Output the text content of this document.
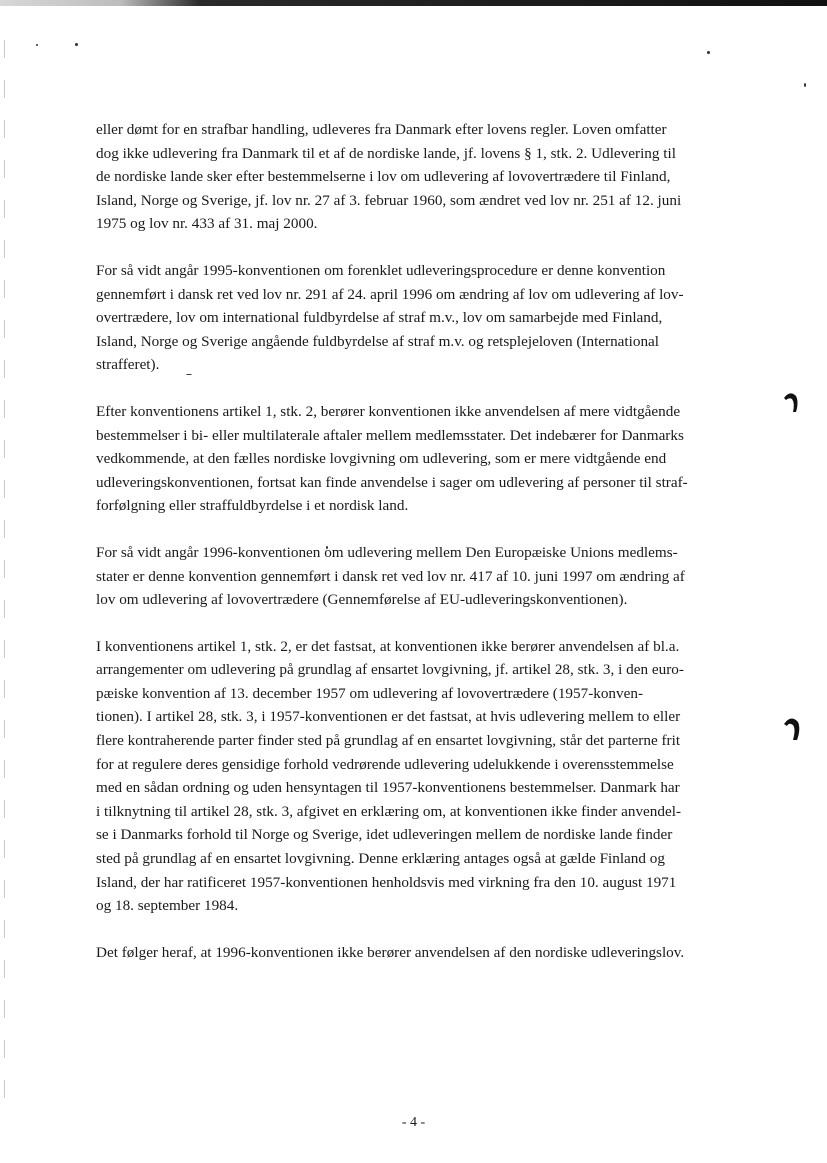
eller dømt for en strafbar handling, udleveres fra Danmark efter lovens regler. Loven omfatter
dog ikke udlevering fra Danmark til et af de nordiske lande, jf. lovens § 1, stk. 2. Udlevering til
de nordiske lande sker efter bestemmelserne i lov om udlevering af lovovertrædere til Finland,
Island, Norge og Sverige, jf. lov nr. 27 af 3. februar 1960, som ændret ved lov nr. 251 af 12. juni
1975 og lov nr. 433 af 31. maj 2000.

For så vidt angår 1995-konventionen om forenklet udleveringsprocedure er denne konvention
gennemført i dansk ret ved lov nr. 291 af 24. april 1996 om ændring af lov om udlevering af lov-
overtrædere, lov om international fuldbyrdelse af straf m.v., lov om samarbejde med Finland,
Island, Norge og Sverige angående fuldbyrdelse af straf m.v. og retsplejeloven (International
strafferet).

Efter konventionens artikel 1, stk. 2, berører konventionen ikke anvendelsen af mere vidtgående
bestemmelser i bi- eller multilaterale aftaler mellem medlemsstater. Det indebærer for Danmarks
vedkommende, at den fælles nordiske lovgivning om udlevering, som er mere vidtgående end
udleveringskonventionen, fortsat kan finde anvendelse i sager om udlevering af personer til straf-
forfølgning eller straffuldbyrdelse i et nordisk land.

For så vidt angår 1996-konventionen om udlevering mellem Den Europæiske Unions medlems-
stater er denne konvention gennemført i dansk ret ved lov nr. 417 af 10. juni 1997 om ændring af
lov om udlevering af lovovertrædere (Gennemførelse af EU-udleveringskonventionen).

I konventionens artikel 1, stk. 2, er det fastsat, at konventionen ikke berører anvendelsen af bl.a.
arrangementer om udlevering på grundlag af ensartet lovgivning, jf. artikel 28, stk. 3, i den euro-
pæiske konvention af 13. december 1957 om udlevering af lovovertrædere (1957-konven-
tionen). I artikel 28, stk. 3, i 1957-konventionen er det fastsat, at hvis udlevering mellem to eller
flere kontraherende parter finder sted på grundlag af en ensartet lovgivning, står det parterne frit
for at regulere deres gensidige forhold vedrørende udlevering udelukkende i overensstemmelse
med en sådan ordning og uden hensyntagen til 1957-konventionens bestemmelser. Danmark har
i tilknytning til artikel 28, stk. 3, afgivet en erklæring om, at konventionen ikke finder anvendel-
se i Danmarks forhold til Norge og Sverige, idet udleveringen mellem de nordiske lande finder
sted på grundlag af en ensartet lovgivning. Denne erklæring antages også at gælde Finland og
Island, der har ratificeret 1957-konventionen henholdsvis med virkning fra den 10. august 1971
og 18. september 1984.

Det følger heraf, at 1996-konventionen ikke berører anvendelsen af den nordiske udleveringslov.

- 4 -
